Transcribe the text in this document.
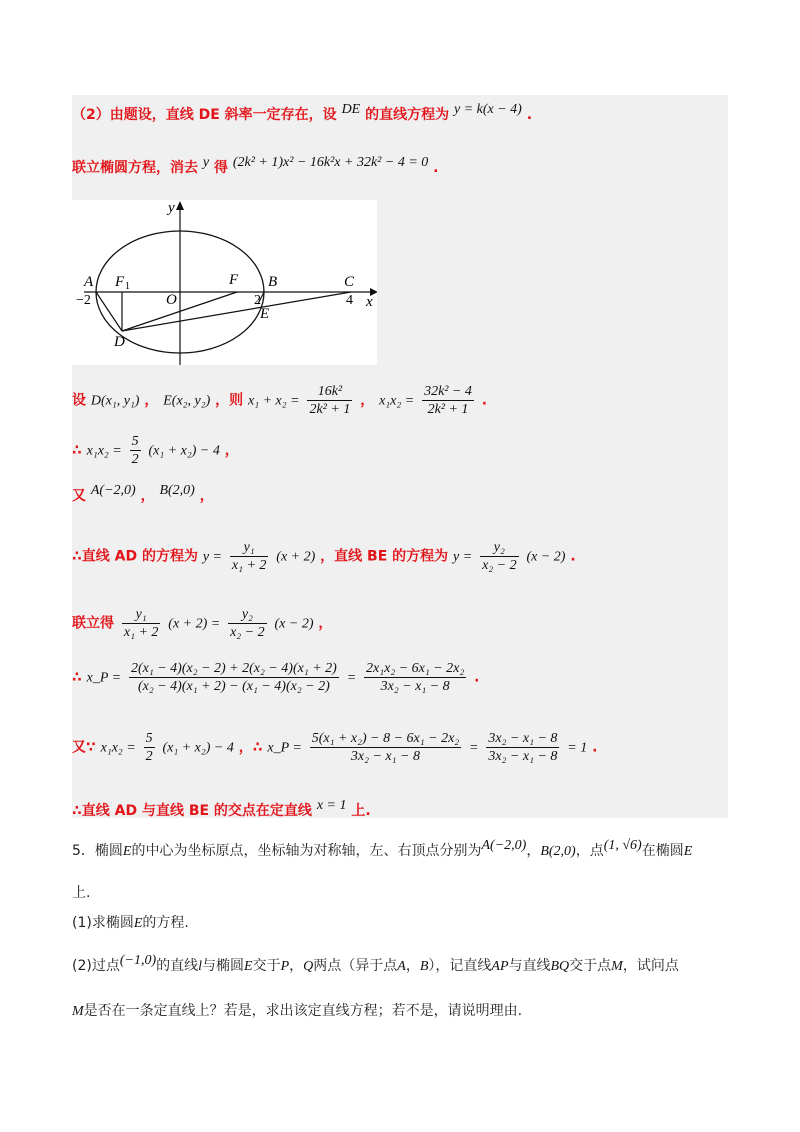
（2）由题设，直线 DE 斜率一定存在，设 DE 的直线方程为 y = k(x − 4) .
联立椭圆方程，消去 y 得 (2k² + 1)x² − 16k²x + 32k² − 4 = 0 .
y
x
A F 1	F B	C
O
−2	2	4
E
D
设 D(x₁, y₁) ， E(x₂, y₂) ，则 $x_1 + x_2 = \frac{\text{16k²}}{\text{2k² + 1}}$ ， $x_1x_2 = \frac{\text{32k² − 4}}{\text{2k² + 1}}$ .
∴ $x_1x_2 = \frac{5}{2} (x_1 + x_2) - 4$ ，
又 A(−2,0) ， B(2,0) ，
∴直线 AD 的方程为 $y = \frac{\text{y₁}}{\text{x₁ + 2}} (x + 2)$ ，直线 BE 的方程为 $y = \frac{\text{y₂}}{\text{x₂ − 2}} (x - 2)$ .
联立得 $\frac{\text{y₁}}{\text{x₁ + 2}} (x + 2) = \frac{\text{y₂}}{\text{x₂ − 2}} (x - 2)$ ，
∴ x_P = $\frac{\text{2(x₁ − 4)(x₂ − 2) + 2(x₂ − 4)(x₁ + 2)}}{\text{(x₂ − 4)(x₁ + 2) − (x₁ − 4)(x₂ − 2)}} = \frac{\text{2x₁x₂ − 6x₁ − 2x₂}}{\text{3x₂ − x₁ − 8}}$ .
又∵ $x_1x_2 = \frac{5}{2} (x_1 + x_2) - 4$ ，∴ x_P = $\frac{\text{5(x₁ + x₂) − 8 − 6x₁ − 2x₂}}{\text{3x₂ − x₁ − 8}} = \frac{\text{3x₂ − x₁ − 8}}{\text{3x₂ − x₁ − 8}} = 1$ .
∴直线 AD 与直线 BE 的交点在定直线 x = 1 上.
5．椭圆E的中心为坐标原点，坐标轴为对称轴，左、右顶点分别为A(−2,0)，B(2,0)，点(1, √6)在椭圆E
上.
(1)求椭圆E的方程.
(2)过点(−1,0)的直线l与椭圆E交于P，Q两点（异于点A，B），记直线AP与直线BQ交于点M，试问点
M是否在一条定直线上？若是，求出该定直线方程；若不是，请说明理由.
